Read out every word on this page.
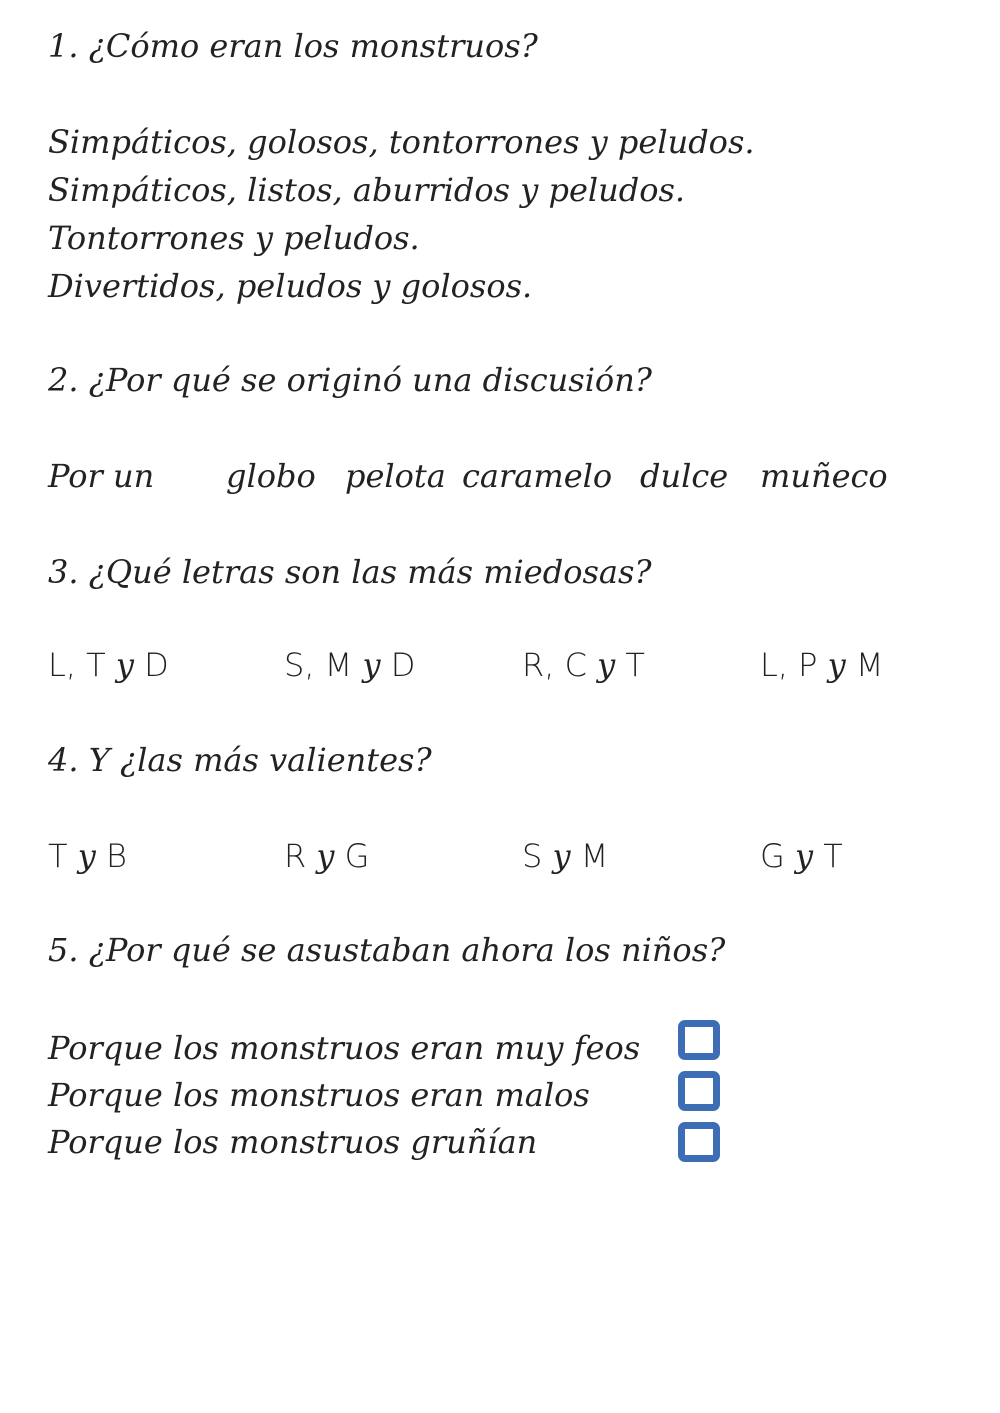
1. ¿Cómo eran los monstruos?
Simpáticos, golosos, tontorrones y peludos.
Simpáticos, listos, aburridos y peludos.
Tontorrones y peludos.
Divertidos, peludos y golosos.
2. ¿Por qué se originó una discusión?
Por un globo pelota caramelo dulce muñeco
3. ¿Qué letras son las más miedosas?
L, T y D	S, M y D	R, C y T	L, P y M
4. Y ¿las más valientes?
T y B	R y G	S y M	G y T
5. ¿Por qué se asustaban ahora los niños?
Porque los monstruos eran muy feos
Porque los monstruos eran malos
Porque los monstruos gruñían
